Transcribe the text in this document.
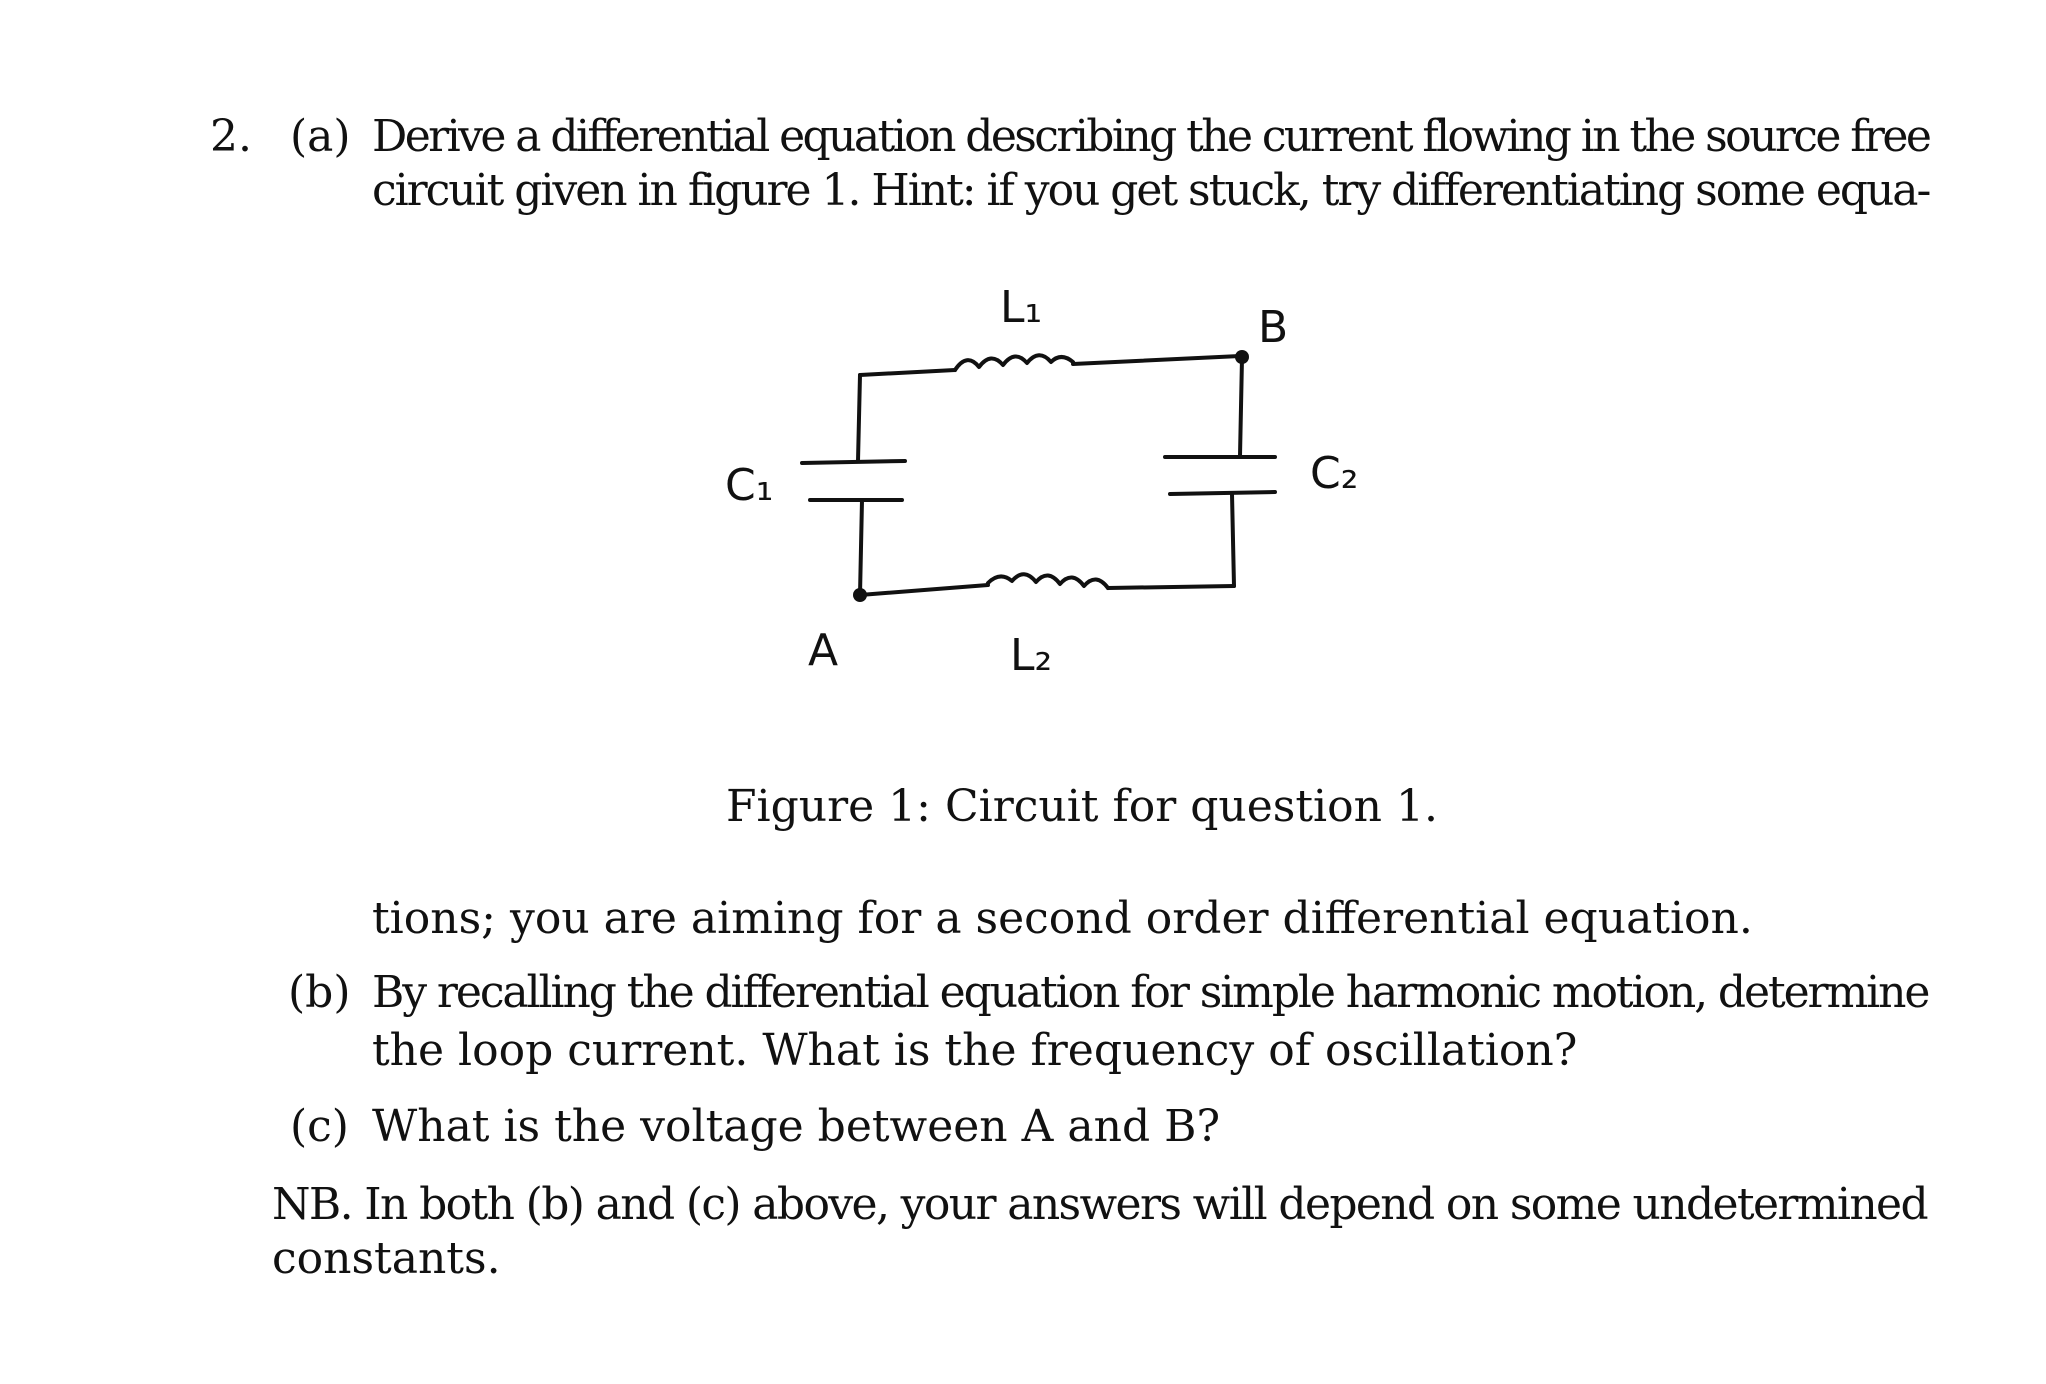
2. (a) Derive a differential equation describing the current flowing in the source free
circuit given in figure 1. Hint: if you get stuck, try differentiating some equa-
L₁	B
C₁	C₂
A	L₂
Figure 1: Circuit for question 1.
tions; you are aiming for a second order differential equation.
(b) By recalling the differential equation for simple harmonic motion, determine
the loop current. What is the frequency of oscillation?
(c) What is the voltage between A and B?
NB. In both (b) and (c) above, your answers will depend on some undetermined
constants.
